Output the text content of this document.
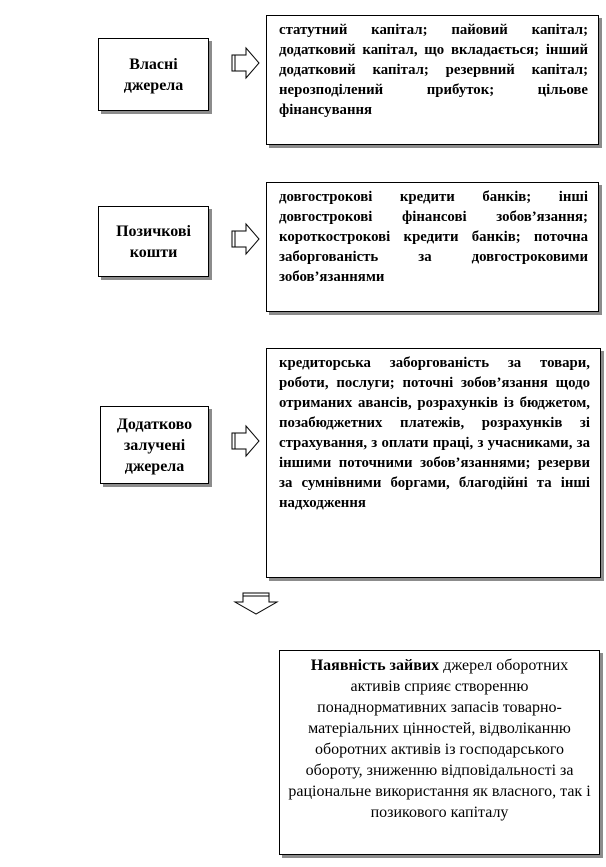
Власні джерела
статутний капітал; пайовий капітал; додатковий капітал, що вкладається; інший додатковий капітал; резервний капітал; нерозподілений прибуток; цільове фінансування
Позичкові кошти
довгострокові кредити банків; інші довгострокові фінансові зобов’язання; короткострокові кредити банків; поточна заборгованість за довгостроковими зобов’язаннями
Додатково залучені джерела
кредиторська заборгованість за товари, роботи, послуги; поточні зобов’язання щодо отриманих авансів, розрахунків із бюджетом, позабюджетних платежів, розрахунків зі страхування, з оплати праці, з учасниками, за іншими поточними зобов’язаннями; резерви за сумнівними боргами, благодійні та інші надходження
Наявність зайвих джерел оборотних активів сприяє створенню понаднормативних запасів товарно-матеріальних цінностей, відволіканню оборотних активів із господарського обороту, зниженню відповідальності за раціональне використання як власного, так і позикового капіталу
